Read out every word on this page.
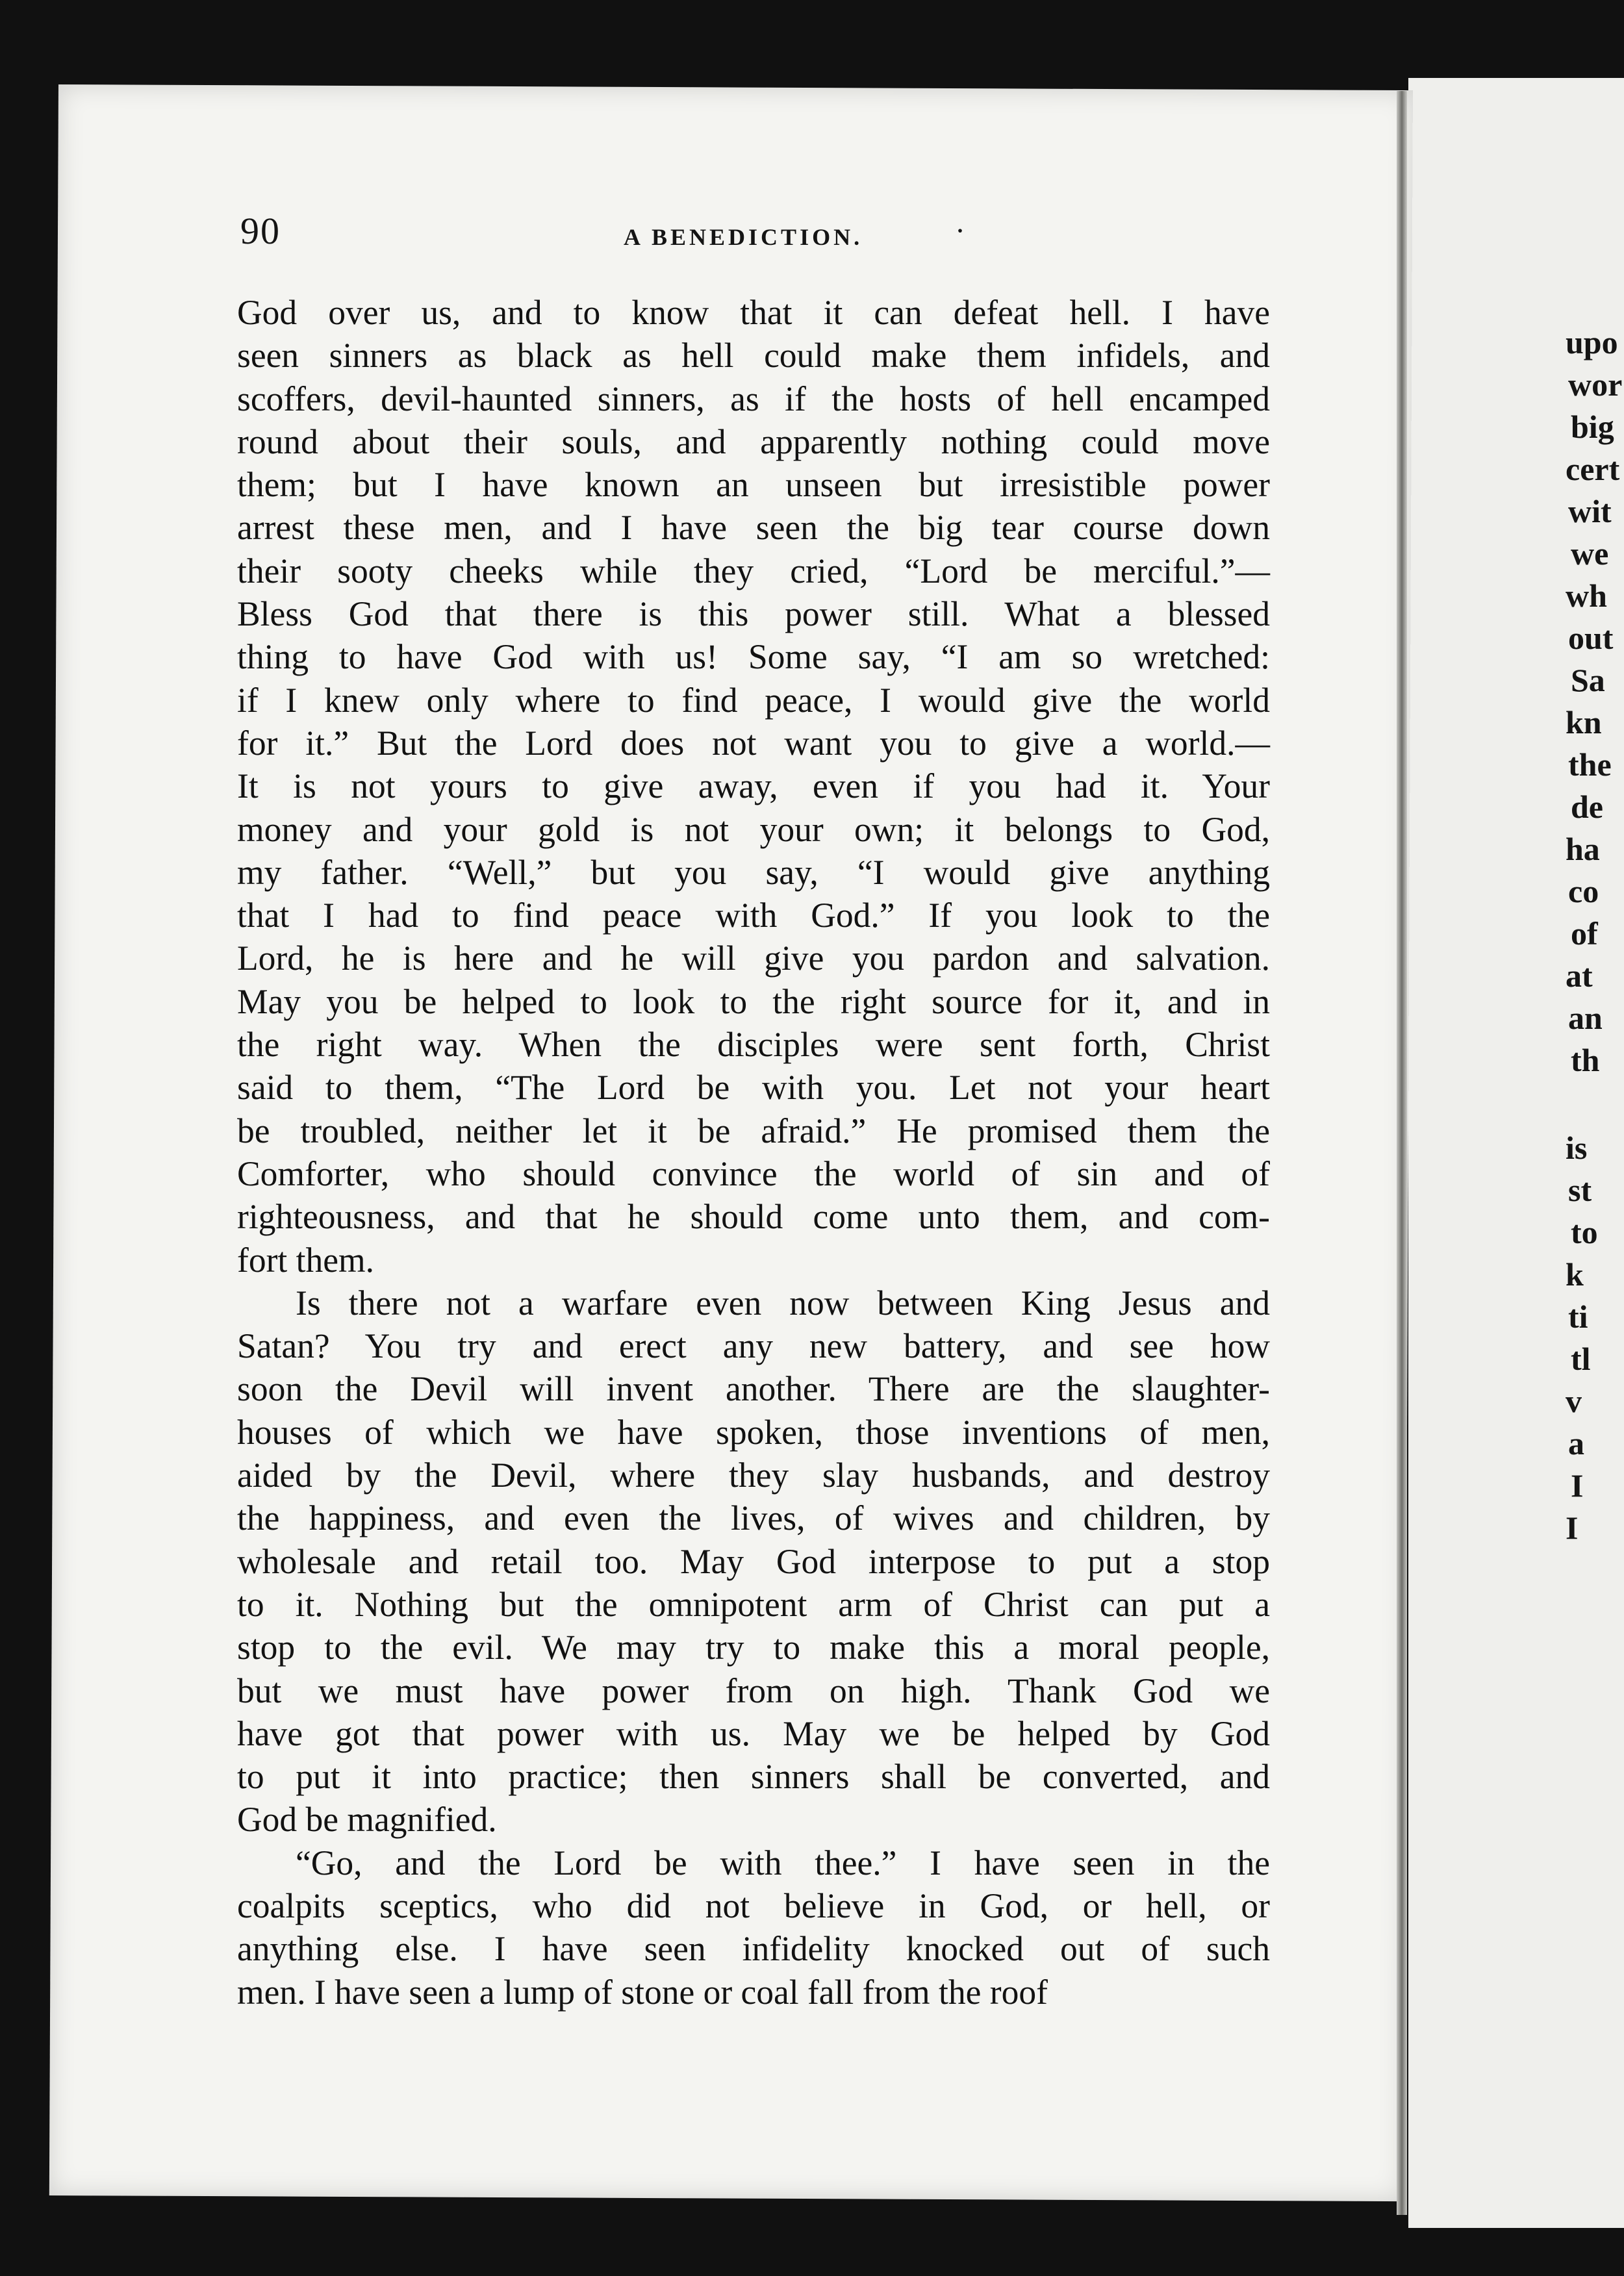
90	A BENEDICTION.	·

God over us, and to know that it can defeat hell. I have

seen sinners as black as hell could make them infidels, and

scoffers, devil-haunted sinners, as if the hosts of hell encamped

round about their souls, and apparently nothing could move

them; but I have known an unseen but irresistible power

arrest these men, and I have seen the big tear course down

their sooty cheeks while they cried, “Lord be merciful.”—

Bless God that there is this power still. What a blessed

thing to have God with us! Some say, “I am so wretched:

if I knew only where to find peace, I would give the world

for it.” But the Lord does not want you to give a world.—

It is not yours to give away, even if you had it. Your

money and your gold is not your own; it belongs to God,

my father. “Well,” but you say, “I would give anything

that I had to find peace with God.” If you look to the

Lord, he is here and he will give you pardon and salvation.

May you be helped to look to the right source for it, and in

the right way. When the disciples were sent forth, Christ

said to them, “The Lord be with you. Let not your heart

be troubled, neither let it be afraid.” He promised them the

Comforter, who should convince the world of sin and of

righteousness, and that he should come unto them, and com-

fort them.

Is there not a warfare even now between King Jesus and

Satan? You try and erect any new battery, and see how

soon the Devil will invent another. There are the slaughter-

houses of which we have spoken, those inventions of men,

aided by the Devil, where they slay husbands, and destroy

the happiness, and even the lives, of wives and children, by

wholesale and retail too. May God interpose to put a stop

to it. Nothing but the omnipotent arm of Christ can put a

stop to the evil. We may try to make this a moral people,

but we must have power from on high. Thank God we

have got that power with us. May we be helped by God

to put it into practice; then sinners shall be converted, and

God be magnified.

“Go, and the Lord be with thee.” I have seen in the

coalpits sceptics, who did not believe in God, or hell, or

anything else. I have seen infidelity knocked out of such

men. I have seen a lump of stone or coal fall from the roof

upo
wor
big
cert
wit
we
wh
out
Sa
kn
the
de
ha
co
of
at
an
th
is
st
to
k
ti
tl
v
a
I
I
